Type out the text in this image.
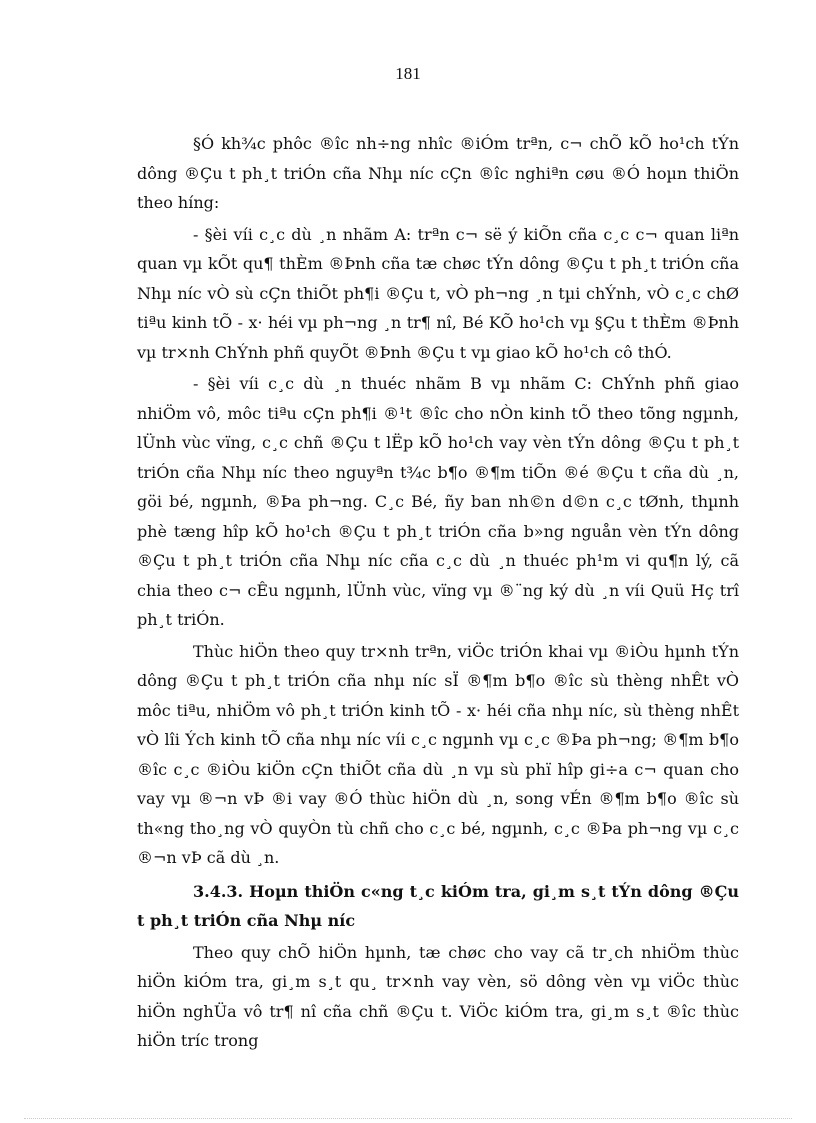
181

§Ó kh¾c phôc ®îc nh÷ng nhîc ®iÓm trªn, c¬ chÕ kÕ ho¹ch tÝn dông ®Çu t ph¸t triÓn cña Nhµ níc cÇn ®îc nghiªn cøu ®Ó hoµn thiÖn theo híng:

- §èi víi c¸c dù ¸n nhãm A: trªn c¬ së ý kiÕn cña c¸c c¬ quan liªn quan vµ kÕt qu¶ thÈm ®Þnh cña tæ chøc tÝn dông ®Çu t ph¸t triÓn cña Nhµ níc vÒ sù cÇn thiÕt ph¶i ®Çu t, vÒ ph¬ng ¸n tµi chÝnh, vÒ c¸c chØ tiªu kinh tÕ - x· héi vµ ph¬ng ¸n tr¶ nî, Bé KÕ ho¹ch vµ §Çu t thÈm ®Þnh vµ tr×nh ChÝnh phñ quyÕt ®Þnh ®Çu t vµ giao kÕ ho¹ch cô thÓ.

- §èi víi c¸c dù ¸n thuéc nhãm B vµ nhãm C: ChÝnh phñ giao nhiÖm vô, môc tiªu cÇn ph¶i ®¹t ®îc cho nÒn kinh tÕ theo tõng ngµnh, lÜnh vùc vïng, c¸c chñ ®Çu t lËp kÕ ho¹ch vay vèn tÝn dông ®Çu t ph¸t triÓn cña Nhµ níc theo nguyªn t¾c b¶o ®¶m tiÕn ®é ®Çu t cña dù ¸n, göi bé, ngµnh, ®Þa ph¬ng. C¸c Bé, ñy ban nh©n d©n c¸c tØnh, thµnh phè tæng hîp kÕ ho¹ch ®Çu t ph¸t triÓn cña b»ng nguån vèn tÝn dông ®Çu t ph¸t triÓn cña Nhµ níc cña c¸c dù ¸n thuéc ph¹m vi qu¶n lý, cã chia theo c¬ cÊu ngµnh, lÜnh vùc, vïng vµ ®¨ng ký dù ¸n víi Quü Hç trî ph¸t triÓn.

Thùc hiÖn theo quy tr×nh trªn, viÖc triÓn khai vµ ®iÒu hµnh tÝn dông ®Çu t ph¸t triÓn cña nhµ níc sÏ ®¶m b¶o ®îc sù thèng nhÊt vÒ môc tiªu, nhiÖm vô ph¸t triÓn kinh tÕ - x· héi cña nhµ níc, sù thèng nhÊt vÒ lîi Ých kinh tÕ cña nhµ níc víi c¸c ngµnh vµ c¸c ®Þa ph¬ng; ®¶m b¶o ®îc c¸c ®iÒu kiÖn cÇn thiÕt cña dù ¸n vµ sù phï hîp gi÷a c¬ quan cho vay vµ ®¬n vÞ ®i vay ®Ó thùc hiÖn dù ¸n, song vÉn ®¶m b¶o ®îc sù th«ng tho¸ng vÒ quyÒn tù chñ cho c¸c bé, ngµnh, c¸c ®Þa ph¬ng vµ c¸c ®¬n vÞ cã dù ¸n.

3.4.3. Hoµn thiÖn c«ng t¸c kiÓm tra, gi¸m s¸t tÝn dông ®Çu t ph¸t triÓn cña Nhµ níc

Theo quy chÕ hiÖn hµnh, tæ chøc cho vay cã tr¸ch nhiÖm thùc hiÖn kiÓm tra, gi¸m s¸t qu¸ tr×nh vay vèn, sö dông vèn vµ viÖc thùc hiÖn nghÜa vô tr¶ nî cña chñ ®Çu t. ViÖc kiÓm tra, gi¸m s¸t ®îc thùc hiÖn tríc trong
